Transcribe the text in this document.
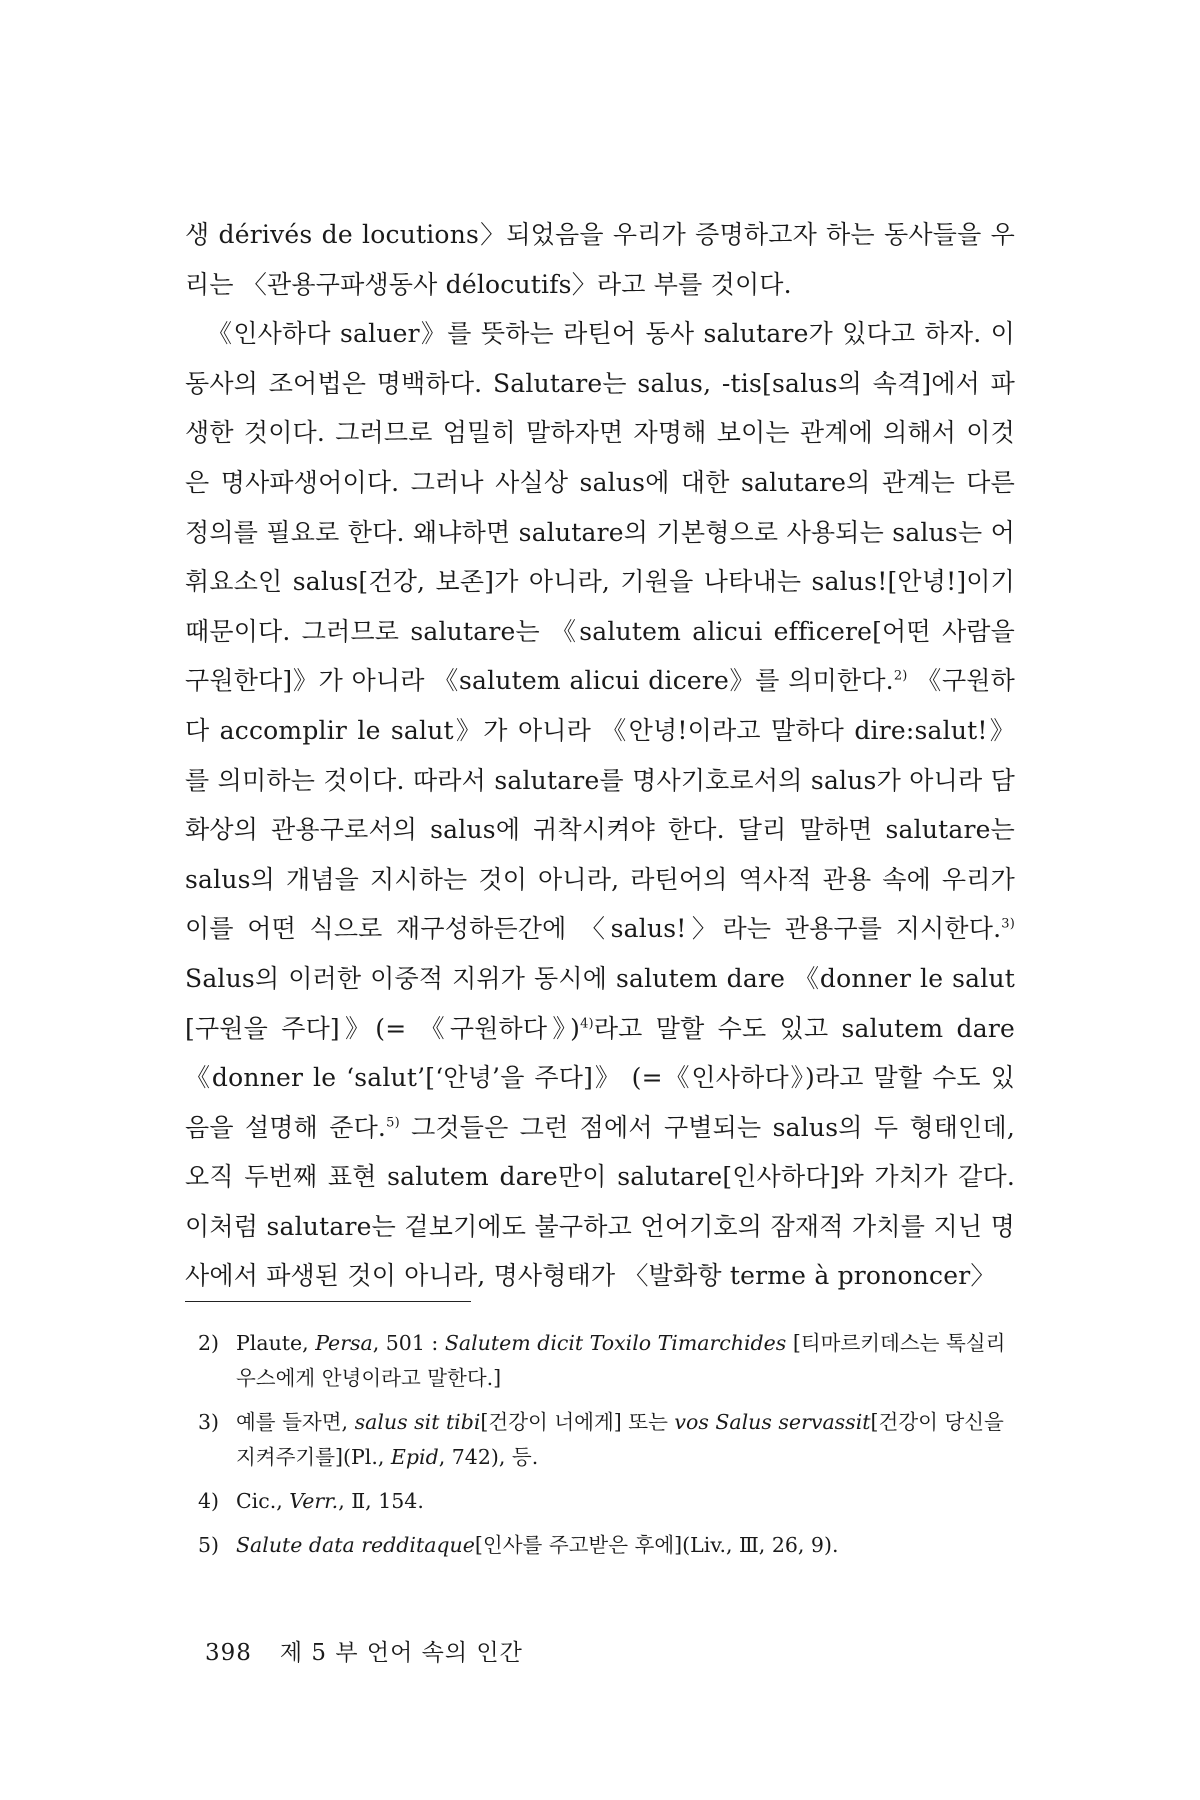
생 dérivés de locutions〉되었음을 우리가 증명하고자 하는 동사들을 우리는 〈관용구파생동사 délocutifs〉라고 부를 것이다.

《인사하다 saluer》를 뜻하는 라틴어 동사 salutare가 있다고 하자. 이 동사의 조어법은 명백하다. Salutare는 salus, -tis[salus의 속격]에서 파생한 것이다. 그러므로 엄밀히 말하자면 자명해 보이는 관계에 의해서 이것은 명사파생어이다. 그러나 사실상 salus에 대한 salutare의 관계는 다른 정의를 필요로 한다. 왜냐하면 salutare의 기본형으로 사용되는 salus는 어휘요소인 salus[건강, 보존]가 아니라, 기원을 나타내는 salus![안녕!]이기 때문이다. 그러므로 salutare는 《salutem alicui efficere[어떤 사람을 구원한다]》가 아니라 《salutem alicui dicere》를 의미한다.$^{2)}$ 《구원하다 accomplir le salut》가 아니라 《안녕!이라고 말하다 dire:salut!》를 의미하는 것이다. 따라서 salutare를 명사기호로서의 salus가 아니라 담화상의 관용구로서의 salus에 귀착시켜야 한다. 달리 말하면 salutare는 salus의 개념을 지시하는 것이 아니라, 라틴어의 역사적 관용 속에 우리가 이를 어떤 식으로 재구성하든간에 〈salus!〉라는 관용구를 지시한다.$^{3)}$ Salus의 이러한 이중적 지위가 동시에 salutem dare 《donner le salut [구원을 주다]》(= 《구원하다》)$^{4)}$라고 말할 수도 있고 salutem dare 《donner le ‘salut’[‘안녕’을 주다]》 (=《인사하다》)라고 말할 수도 있음을 설명해 준다.$^{5)}$ 그것들은 그런 점에서 구별되는 salus의 두 형태인데, 오직 두번째 표현 salutem dare만이 salutare[인사하다]와 가치가 같다. 이처럼 salutare는 겉보기에도 불구하고 언어기호의 잠재적 가치를 지닌 명사에서 파생된 것이 아니라, 명사형태가 〈발화항 terme à prononcer〉

2) Plaute, Persa, 501 : Salutem dicit Toxilo Timarchides [티마르키데스는 톡실리우스에게 안녕이라고 말한다.]
3) 예를 들자면, salus sit tibi[건강이 너에게] 또는 vos Salus servassit[건강이 당신을 지켜주기를](Pl., Epid, 742), 등.
4) Cic., Verr., Ⅱ, 154.
5) Salute data redditaque[인사를 주고받은 후에](Liv., Ⅲ, 26, 9).
398 제 5 부 언어 속의 인간
